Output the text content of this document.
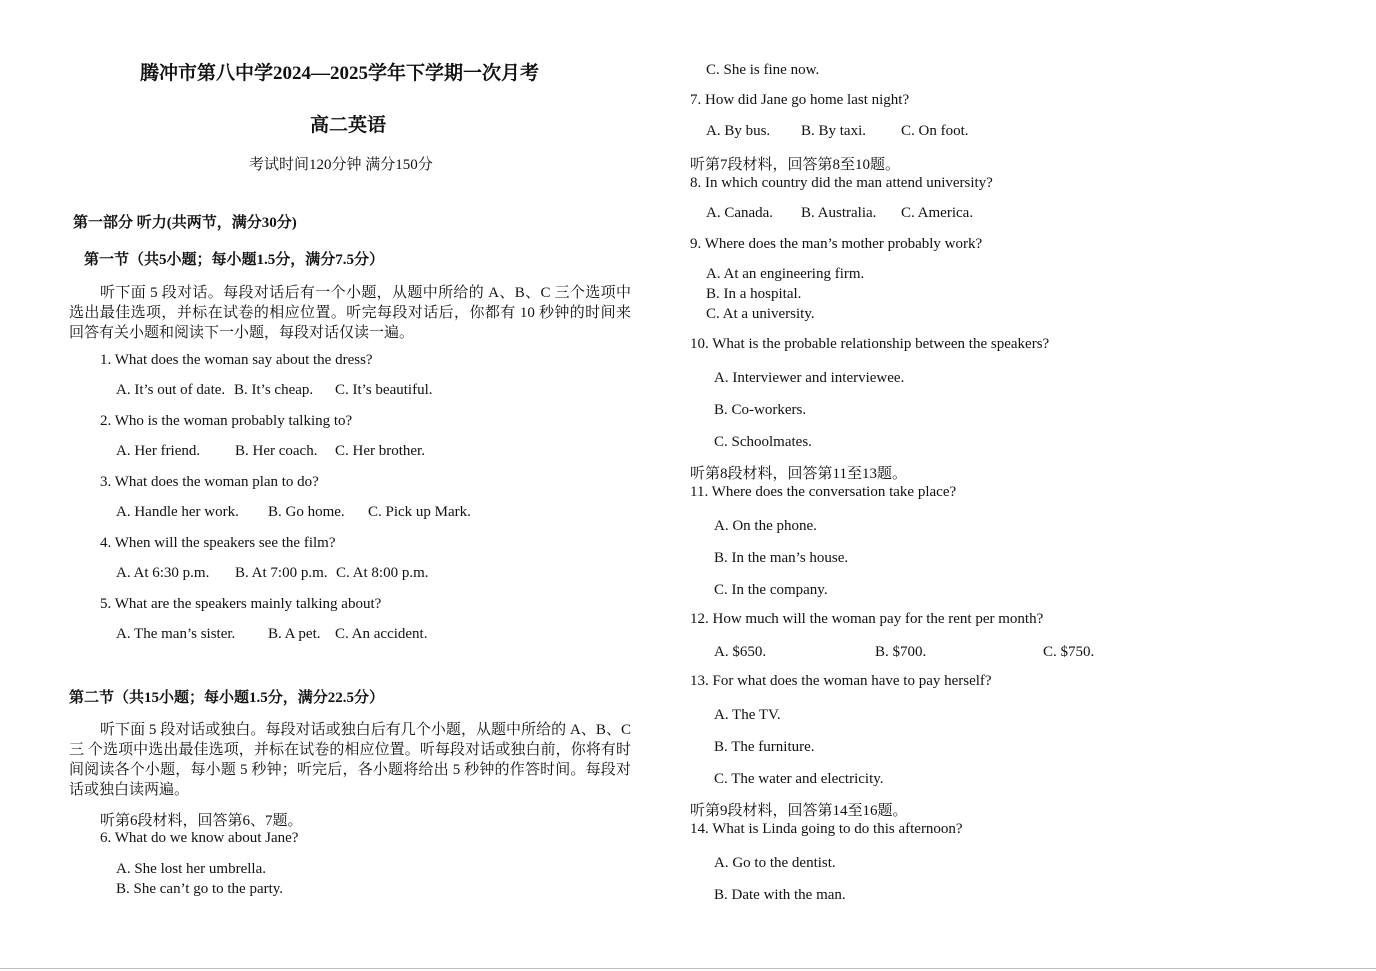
腾冲市第八中学2024—2025学年下学期一次月考
高二英语
考试时间120分钟 满分150分
第一部分 听力(共两节，满分30分)
第一节（共5小题；每小题1.5分，满分7.5分）
听下面 5 段对话。每段对话后有一个小题，从题中所给的 A、B、C 三个选项中选出最佳选项，并标在试卷的相应位置。听完每段对话后，你都有 10 秒钟的时间来回答有关小题和阅读下一小题，每段对话仅读一遍。
1. What does the woman say about the dress?
A. It’s out of date. B. It’s cheap. C. It’s beautiful.
2. Who is the woman probably talking to?
A. Her friend. B. Her coach. C. Her brother.
3. What does the woman plan to do?
A. Handle her work. B. Go home. C. Pick up Mark.
4. When will the speakers see the film?
A. At 6:30 p.m. B. At 7:00 p.m. C. At 8:00 p.m.
5. What are the speakers mainly talking about?
A. The man’s sister. B. A pet. C. An accident.
第二节（共15小题；每小题1.5分，满分22.5分）
听下面 5 段对话或独白。每段对话或独白后有几个小题，从题中所给的 A、B、C 三 个选项中选出最佳选项，并标在试卷的相应位置。听每段对话或独白前，你将有时间阅读各个小题，每小题 5 秒钟；听完后，各小题将给出 5 秒钟的作答时间。每段对话或独白读两遍。
听第6段材料，回答第6、7题。
6. What do we know about Jane?
A. She lost her umbrella.
B. She can’t go to the party.
C. She is fine now.
7. How did Jane go home last night?
A. By bus. B. By taxi. C. On foot.
听第7段材料，回答第8至10题。
8. In which country did the man attend university?
A. Canada. B. Australia. C. America.
9. Where does the man’s mother probably work?
A. At an engineering firm.
B. In a hospital.
C. At a university.
10. What is the probable relationship between the speakers?
A. Interviewer and interviewee.
B. Co-workers.
C. Schoolmates.
听第8段材料，回答第11至13题。
11. Where does the conversation take place?
A. On the phone.
B. In the man’s house.
C. In the company.
12. How much will the woman pay for the rent per month?
A. $650.	B. $700.	C. $750.
13. For what does the woman have to pay herself?
A. The TV.
B. The furniture.
C. The water and electricity.
听第9段材料，回答第14至16题。
14. What is Linda going to do this afternoon?
A. Go to the dentist.
B. Date with the man.
